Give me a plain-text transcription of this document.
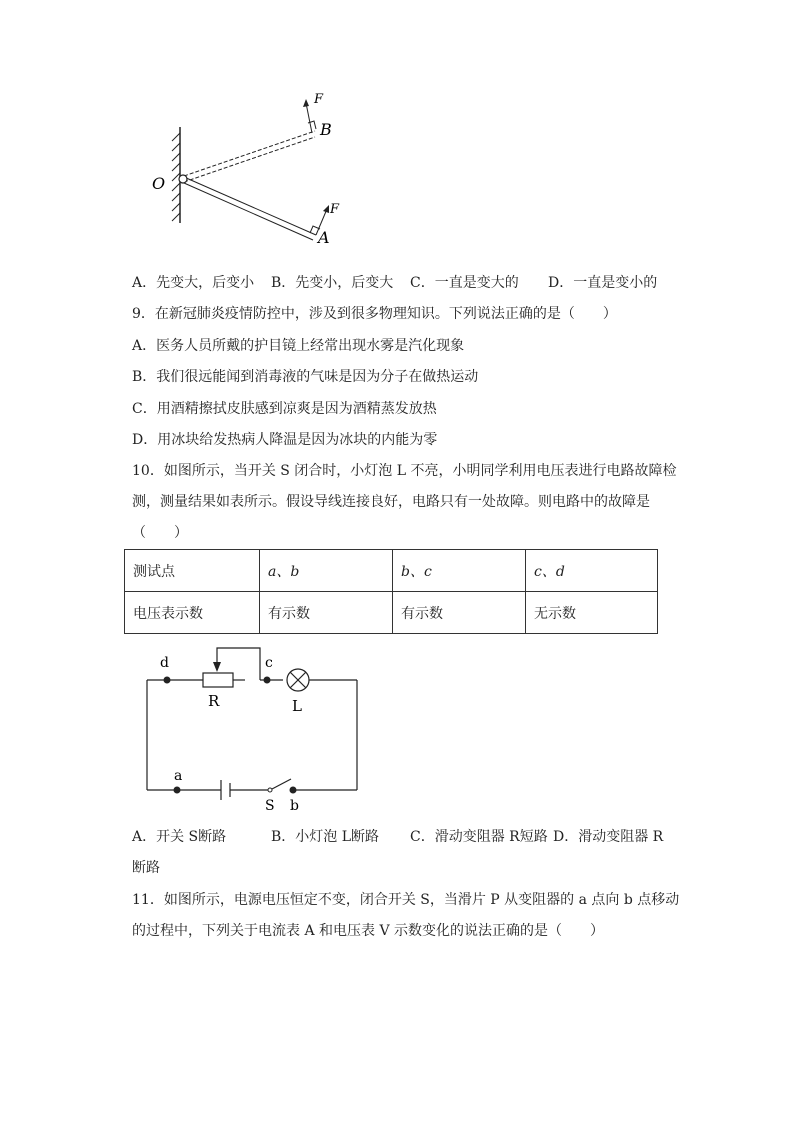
O
B
A
F
F
A．先变大，后变小 B．先变小，后变大 C．一直是变大的 D．一直是变小的
9．在新冠肺炎疫情防控中，涉及到很多物理知识。下列说法正确的是（　　）
A．医务人员所戴的护目镜上经常出现水雾是汽化现象
B．我们很远能闻到消毒液的气味是因为分子在做热运动
C．用酒精擦拭皮肤感到凉爽是因为酒精蒸发放热
D．用冰块给发热病人降温是因为冰块的内能为零
10．如图所示，当开关 S 闭合时，小灯泡 L 不亮，小明同学利用电压表进行电路故障检
测，测量结果如表所示。假设导线连接良好，电路只有一处故障。则电路中的故障是
（　　）
测试点	a、b	b、c	c、d
电压表示数	有示数	有示数	无示数
d	c
R	L
a
S b
A．开关 S断路	B．小灯泡 L断路 C．滑动变阻器 R短路 D．滑动变阻器 R
断路
11．如图所示，电源电压恒定不变，闭合开关 S，当滑片 P 从变阻器的 a 点向 b 点移动
的过程中，下列关于电流表 A 和电压表 V 示数变化的说法正确的是（　　）
